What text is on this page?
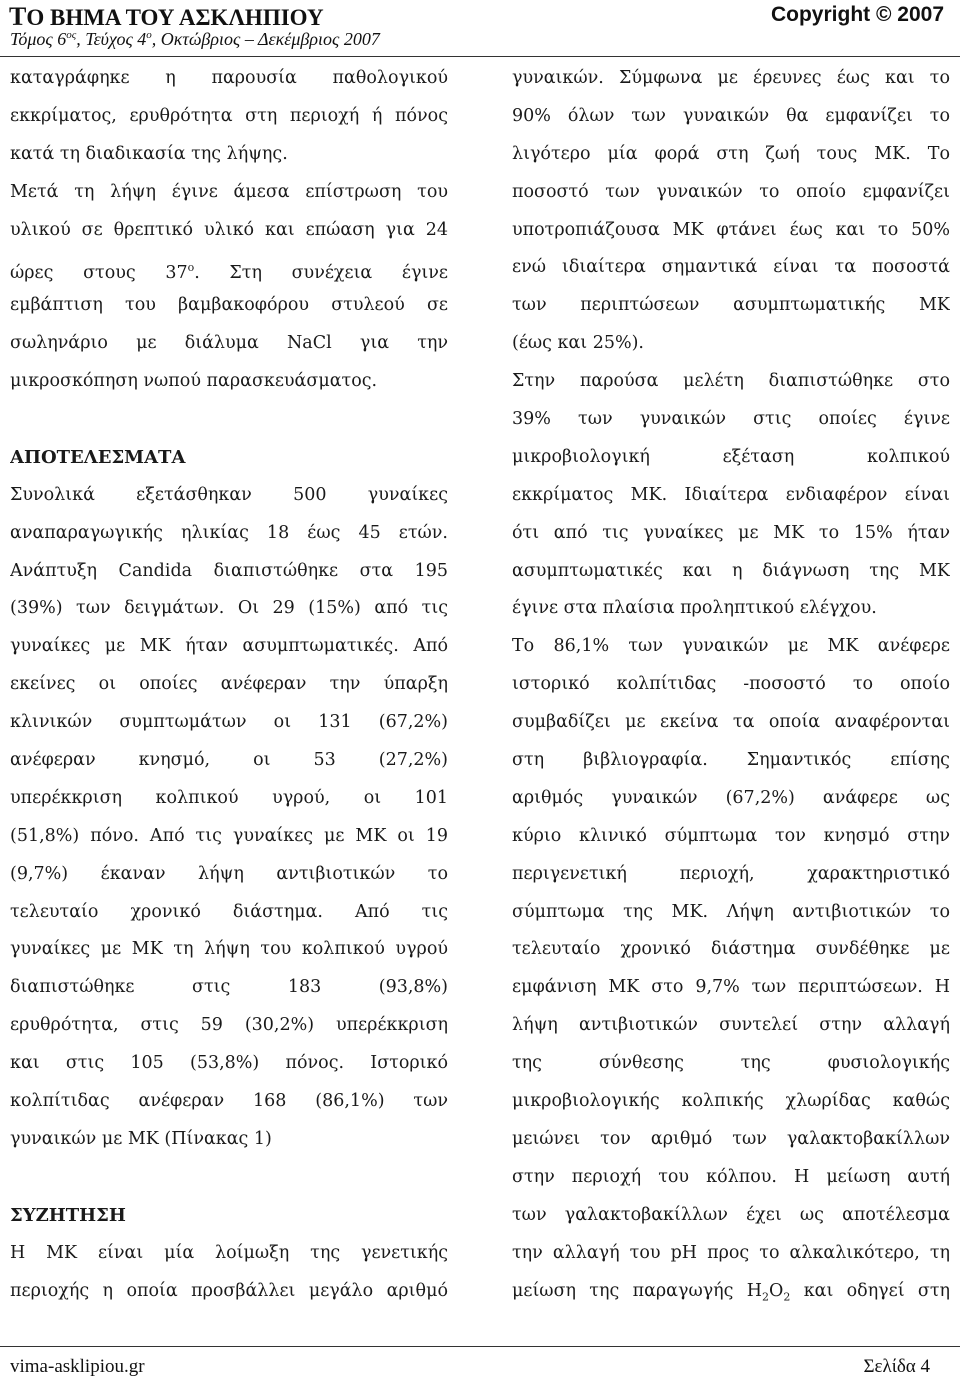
ΤΟ ΒΗΜΑ ΤΟΥ ΑΣΚΛΗΠΙΟΥ	Copyright © 2007
Τόμος $6^{o\varsigma}$, Τεύχος $4^o$, Οκτώβριος – Δεκέμβριος 2007
καταγράφηκε η παρουσία παθολογικού
εκκρίματος, ερυθρότητα στη περιοχή ή πόνος
κατά τη διαδικασία της λήψης.
Μετά τη λήψη έγινε άμεσα επίστρωση του
υλικού σε θρεπτικό υλικό και επώαση για 24
ώρες στους $37^o$. Στη συνέχεια έγινε
εμβάπτιση του βαμβακοφόρου στυλεού σε
σωληνάριο με διάλυμα NaCl για την
μικροσκόπηση νωπού παρασκευάσματος.
ΑΠΟΤΕΛΕΣΜΑΤΑ
Συνολικά εξετάσθηκαν 500 γυναίκες
αναπαραγωγικής ηλικίας 18 έως 45 ετών.
Ανάπτυξη Candida διαπιστώθηκε στα 195
(39%) των δειγμάτων. Οι 29 (15%) από τις
γυναίκες με ΜΚ ήταν ασυμπτωματικές. Από
εκείνες οι οποίες ανέφεραν την ύπαρξη
κλινικών συμπτωμάτων οι 131 (67,2%)
ανέφεραν κνησμό, οι 53 (27,2%)
υπερέκκριση κολπικού υγρού, οι 101
(51,8%) πόνο. Από τις γυναίκες με ΜΚ οι 19
(9,7%) έκαναν λήψη αντιβιοτικών το
τελευταίο χρονικό διάστημα. Από τις
γυναίκες με ΜΚ τη λήψη του κολπικού υγρού
διαπιστώθηκε στις 183 (93,8%)
ερυθρότητα, στις 59 (30,2%) υπερέκκριση
και στις 105 (53,8%) πόνος. Ιστορικό
κολπίτιδας ανέφεραν 168 (86,1%) των
γυναικών με ΜΚ (Πίνακας 1)
ΣΥΖΗΤΗΣΗ
Η ΜΚ είναι μία λοίμωξη της γενετικής
περιοχής η οποία προσβάλλει μεγάλο αριθμό
γυναικών. Σύμφωνα με έρευνες έως και το
90% όλων των γυναικών θα εμφανίζει το
λιγότερο μία φορά στη ζωή τους ΜΚ. Το
ποσοστό των γυναικών το οποίο εμφανίζει
υποτροπιάζουσα ΜΚ φτάνει έως και το 50%
ενώ ιδιαίτερα σημαντικά είναι τα ποσοστά
των περιπτώσεων ασυμπτωματικής ΜΚ
(έως και 25%).
Στην παρούσα μελέτη διαπιστώθηκε στο
39% των γυναικών στις οποίες έγινε
μικροβιολογική εξέταση κολπικού
εκκρίματος ΜΚ. Ιδιαίτερα ενδιαφέρον είναι
ότι από τις γυναίκες με ΜΚ το 15% ήταν
ασυμπτωματικές και η διάγνωση της ΜΚ
έγινε στα πλαίσια προληπτικού ελέγχου.
Το 86,1% των γυναικών με ΜΚ ανέφερε
ιστορικό κολπίτιδας -ποσοστό το οποίο
συμβαδίζει με εκείνα τα οποία αναφέρονται
στη βιβλιογραφία. Σημαντικός επίσης
αριθμός γυναικών (67,2%) ανάφερε ως
κύριο κλινικό σύμπτωμα τον κνησμό στην
περιγενετική περιοχή, χαρακτηριστικό
σύμπτωμα της ΜΚ. Λήψη αντιβιοτικών το
τελευταίο χρονικό διάστημα συνδέθηκε με
εμφάνιση ΜΚ στο 9,7% των περιπτώσεων. Η
λήψη αντιβιοτικών συντελεί στην αλλαγή
της σύνθεσης της φυσιολογικής
μικροβιολογικής κολπικής χλωρίδας καθώς
μειώνει τον αριθμό των γαλακτοβακίλλων
στην περιοχή του κόλπου. Η μείωση αυτή
των γαλακτοβακίλλων έχει ως αποτέλεσμα
την αλλαγή του pH προς το αλκαλικότερο, τη
μείωση της παραγωγής $H_2O_2$ και οδηγεί στη
vima-asklipiou.gr	Σελίδα 4
